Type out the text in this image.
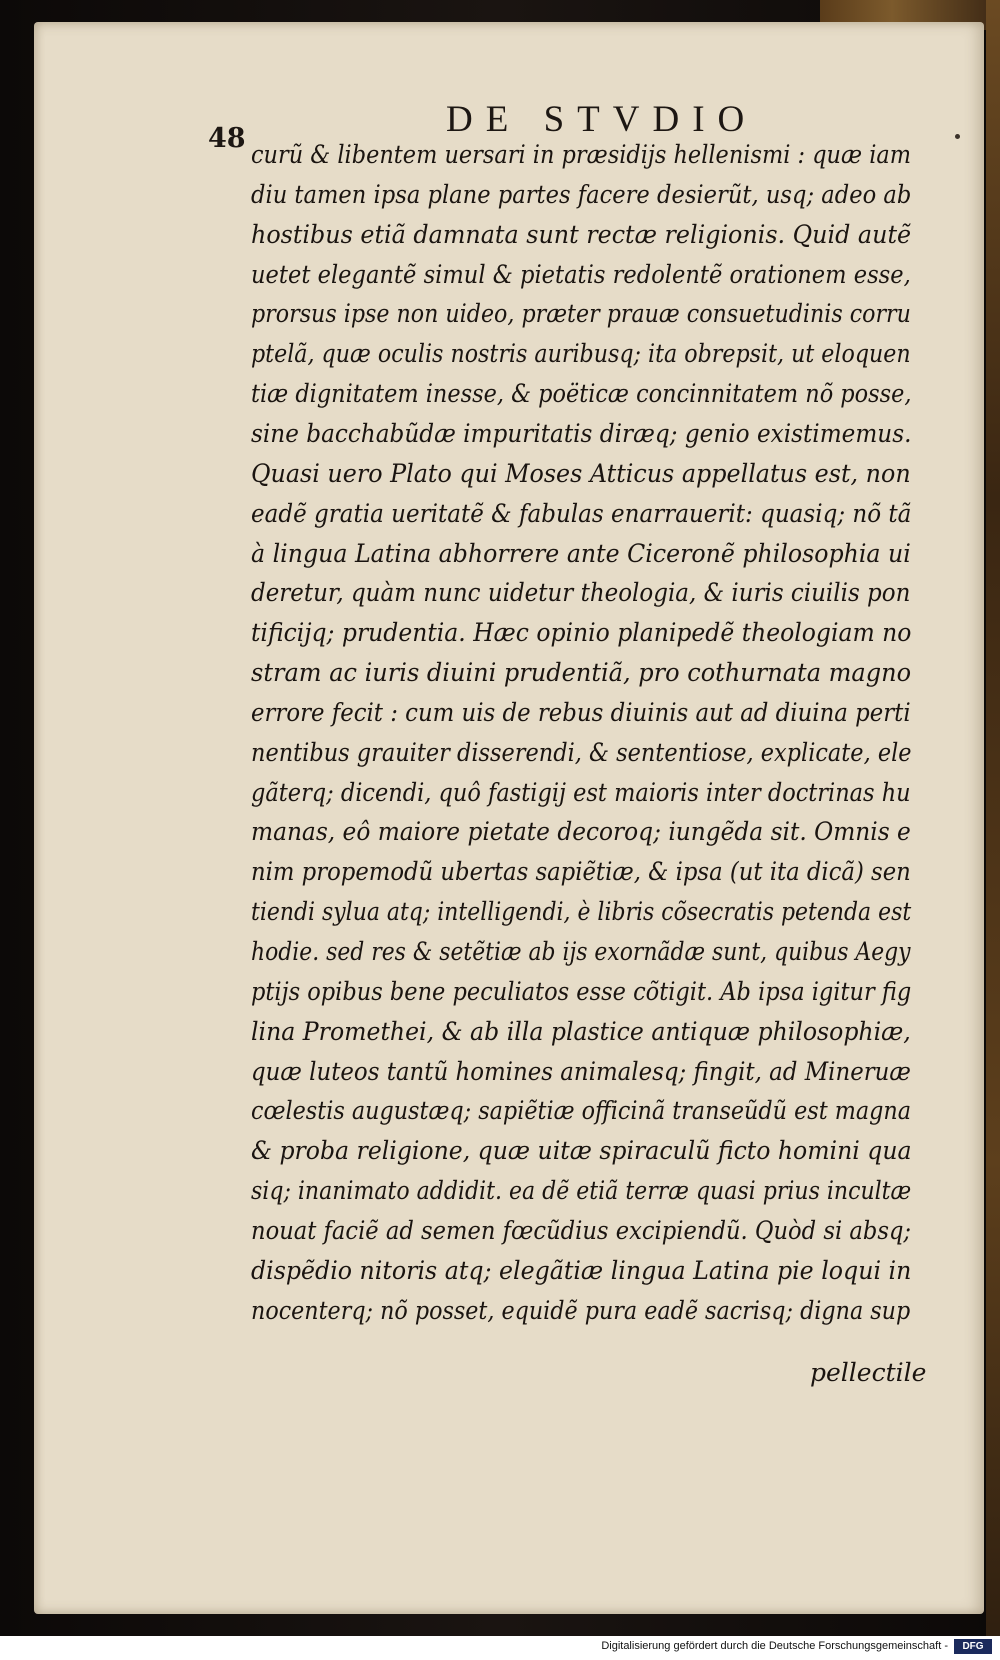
48	DE STVDIO
curũ & libentem uersari in præsidijs hellenismi : quæ iam
diu tamen ipsa plane partes facere desierũt, usq; adeo ab
hostibus etiã damnata sunt rectæ religionis. Quid autẽ
uetet elegantẽ simul & pietatis redolentẽ orationem esse,
prorsus ipse non uideo, præter prauæ consuetudinis corru
ptelã, quæ oculis nostris auribusq; ita obrepsit, ut eloquen
tiæ dignitatem inesse, & poëticæ concinnitatem nõ posse,
sine bacchabũdæ impuritatis diræq; genio existimemus.
Quasi uero Plato qui Moses Atticus appellatus est, non
eadẽ gratia ueritatẽ & fabulas enarrauerit: quasiq; nõ tã
à lingua Latina abhorrere ante Ciceronẽ philosophia ui
deretur, quàm nunc uidetur theologia, & iuris ciuilis pon
tificijq; prudentia. Hæc opinio planipedẽ theologiam no
stram ac iuris diuini prudentiã, pro cothurnata magno
errore fecit : cum uis de rebus diuinis aut ad diuina perti
nentibus grauiter disserendi, & sententiose, explicate, ele
gãterq; dicendi, quô fastigij est maioris inter doctrinas hu
manas, eô maiore pietate decoroq; iungẽda sit. Omnis e
nim propemodũ ubertas sapiẽtiæ, & ipsa (ut ita dicã) sen
tiendi sylua atq; intelligendi, è libris cõsecratis petenda est
hodie. sed res & setẽtiæ ab ijs exornãdæ sunt, quibus Aegy
ptijs opibus bene peculiatos esse cõtigit. Ab ipsa igitur fig
lina Promethei, & ab illa plastice antiquæ philosophiæ,
quæ luteos tantũ homines animalesq; fingit, ad Mineruæ
cœlestis augustæq; sapiẽtiæ officinã transeũdũ est magna
& proba religione, quæ uitæ spiraculũ ficto homini qua
siq; inanimato addidit. ea dẽ etiã terræ quasi prius incultæ
nouat faciẽ ad semen fœcũdius excipiendũ. Quòd si absq;
dispẽdio nitoris atq; elegãtiæ lingua Latina pie loqui in
nocenterq; nõ posset, equidẽ pura eadẽ sacrisq; digna sup
pellectile
Digitalisierung gefördert durch die Deutsche Forschungsgemeinschaft -	DFG
